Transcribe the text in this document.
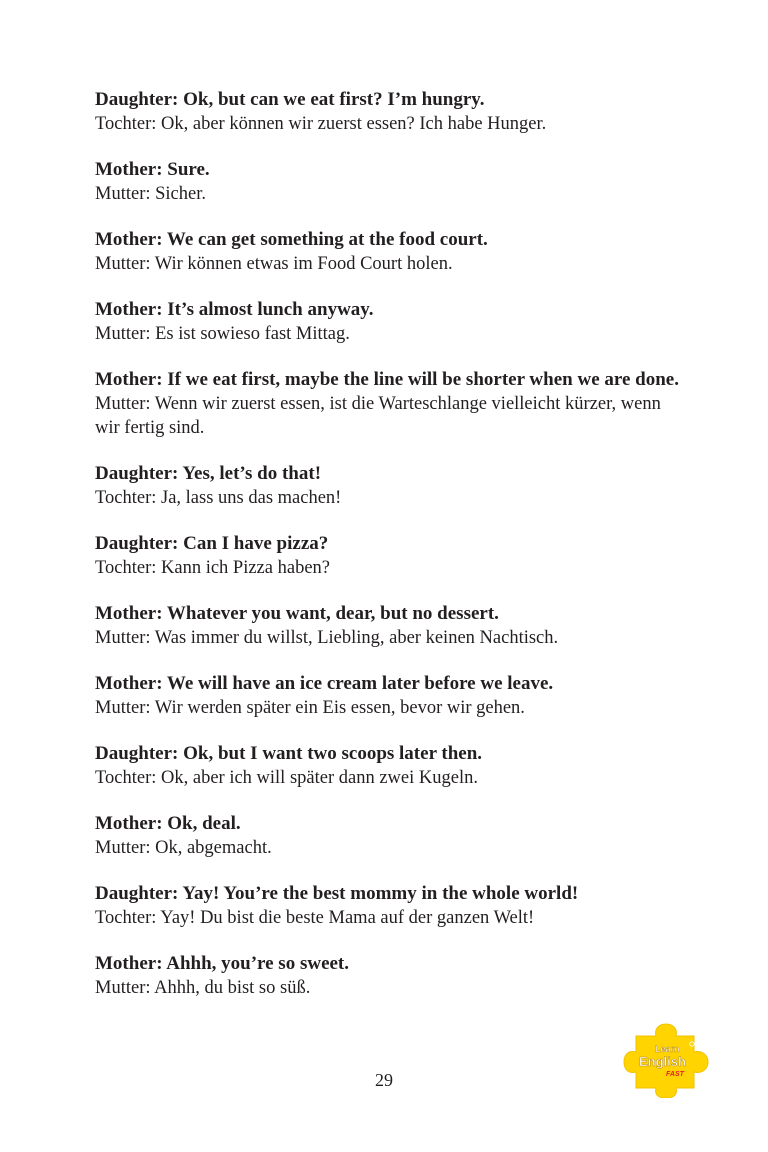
Daughter: Ok, but can we eat first? I’m hungry.

Tochter: Ok, aber können wir zuerst essen? Ich habe Hunger.

Mother: Sure.

Mutter: Sicher.

Mother: We can get something at the food court.

Mutter: Wir können etwas im Food Court holen.

Mother: It’s almost lunch anyway.

Mutter: Es ist sowieso fast Mittag.

Mother: If we eat first, maybe the line will be shorter when we are done.

Mutter: Wenn wir zuerst essen, ist die Warteschlange vielleicht kürzer, wenn wir fertig sind.

Daughter: Yes, let’s do that!

Tochter: Ja, lass uns das machen!

Daughter: Can I have pizza?

Tochter: Kann ich Pizza haben?

Mother: Whatever you want, dear, but no dessert.

Mutter: Was immer du willst, Liebling, aber keinen Nachtisch.

Mother: We will have an ice cream later before we leave.

Mutter: Wir werden später ein Eis essen, bevor wir gehen.

Daughter: Ok, but I want two scoops later then.

Tochter: Ok, aber ich will später dann zwei Kugeln.

Mother: Ok, deal.

Mutter: Ok, abgemacht.

Daughter: Yay! You’re the best mommy in the whole world!

Tochter: Yay! Du bist die beste Mama auf der ganzen Welt!

Mother: Ahhh, you’re so sweet.

Mutter: Ahhh, du bist so süß.

29
Learn
English
FAST
